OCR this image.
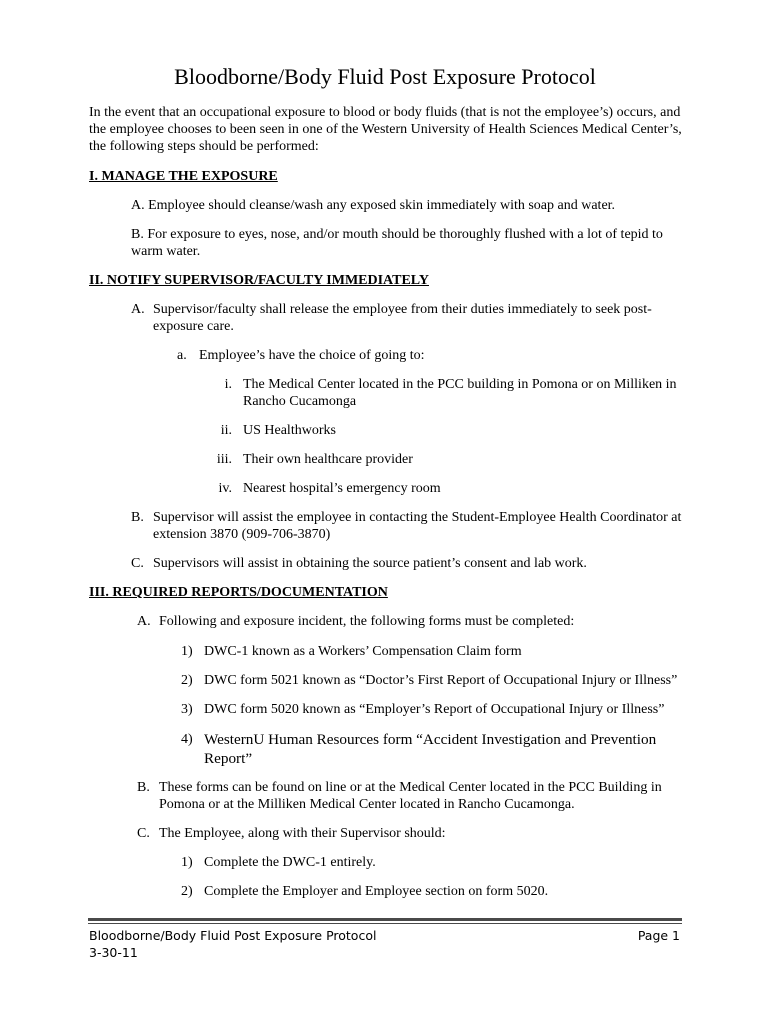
Bloodborne/Body Fluid Post Exposure Protocol
In the event that an occupational exposure to blood or body fluids (that is not the employee’s) occurs, and
the employee chooses to been seen in one of the Western University of Health Sciences Medical Center’s,
the following steps should be performed:
I. MANAGE THE EXPOSURE
A. Employee should cleanse/wash any exposed skin immediately with soap and water.
B. For exposure to eyes, nose, and/or mouth should be thoroughly flushed with a lot of tepid to
warm water.
II. NOTIFY SUPERVISOR/FACULTY IMMEDIATELY
A. Supervisor/faculty shall release the employee from their duties immediately to seek post-
exposure care.
a. Employee’s have the choice of going to:
i. The Medical Center located in the PCC building in Pomona or on Milliken in
Rancho Cucamonga
ii. US Healthworks
iii. Their own healthcare provider
iv. Nearest hospital’s emergency room
B. Supervisor will assist the employee in contacting the Student-Employee Health Coordinator at
extension 3870 (909-706-3870)
C. Supervisors will assist in obtaining the source patient’s consent and lab work.
III. REQUIRED REPORTS/DOCUMENTATION
A. Following and exposure incident, the following forms must be completed:
1) DWC-1 known as a Workers’ Compensation Claim form
2) DWC form 5021 known as “Doctor’s First Report of Occupational Injury or Illness”
3) DWC form 5020 known as “Employer’s Report of Occupational Injury or Illness”
4) WesternU Human Resources form “Accident Investigation and Prevention
Report”
B. These forms can be found on line or at the Medical Center located in the PCC Building in
Pomona or at the Milliken Medical Center located in Rancho Cucamonga.
C. The Employee, along with their Supervisor should:
1) Complete the DWC-1 entirely.
2) Complete the Employer and Employee section on form 5020.
Bloodborne/Body Fluid Post Exposure Protocol	Page 1
3-30-11
